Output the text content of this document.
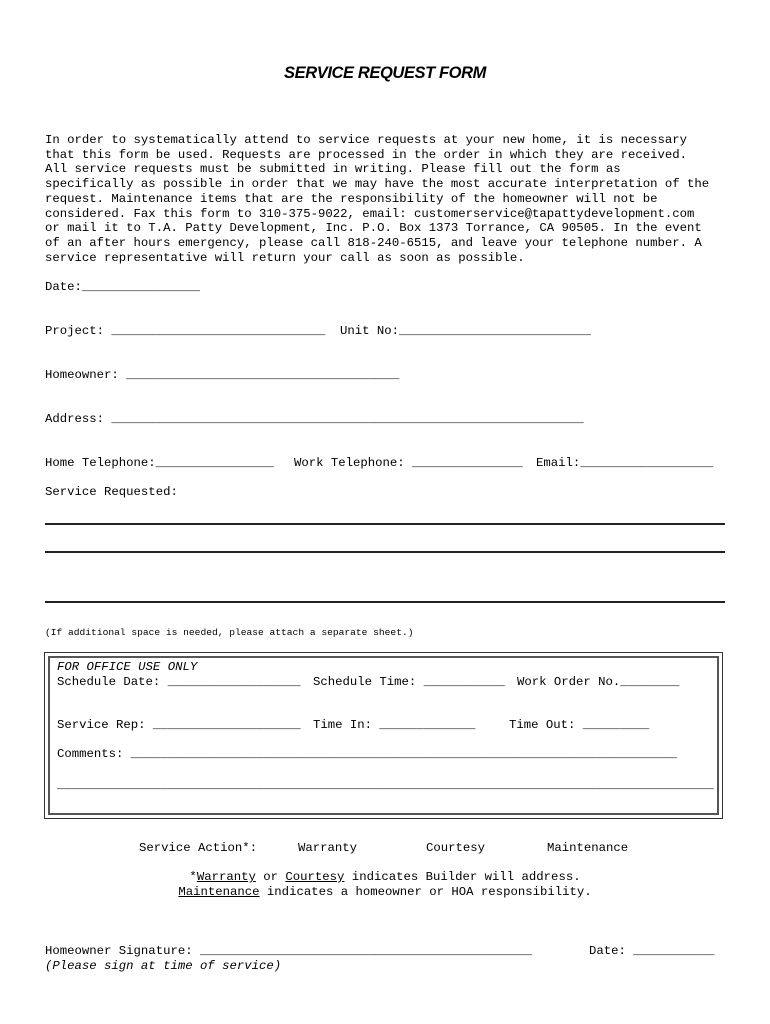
SERVICE REQUEST FORM
In order to systematically attend to service requests at your new home, it is necessary
that this form be used. Requests are processed in the order in which they are received.
All service requests must be submitted in writing. Please fill out the form as
specifically as possible in order that we may have the most accurate interpretation of the
request. Maintenance items that are the responsibility of the homeowner will not be
considered. Fax this form to 310-375-9022, email: customerservice@tapattydevelopment.com
or mail it to T.A. Patty Development, Inc. P.O. Box 1373 Torrance, CA 90505. In the event
of an after hours emergency, please call 818-240-6515, and leave your telephone number. A
service representative will return your call as soon as possible.
Date:________________
Project: _____________________________ Unit No:__________________________
Homeowner: _____________________________________
Address: ________________________________________________________________
Home Telephone:________________ Work Telephone: _______________ Email:__________________
Service Requested:
(If additional space is needed, please attach a separate sheet.)
FOR OFFICE USE ONLY
Schedule Date: __________________ Schedule Time: ___________ Work Order No.________
Service Rep: ____________________ Time In: _____________	Time Out: _________
Comments: __________________________________________________________________________
_________________________________________________________________________________________
Service Action*:	Warranty	Courtesy	Maintenance
*Warranty or Courtesy indicates Builder will address.
Maintenance indicates a homeowner or HOA responsibility.
Homeowner Signature: _____________________________________________	Date: ___________
(Please sign at time of service)
